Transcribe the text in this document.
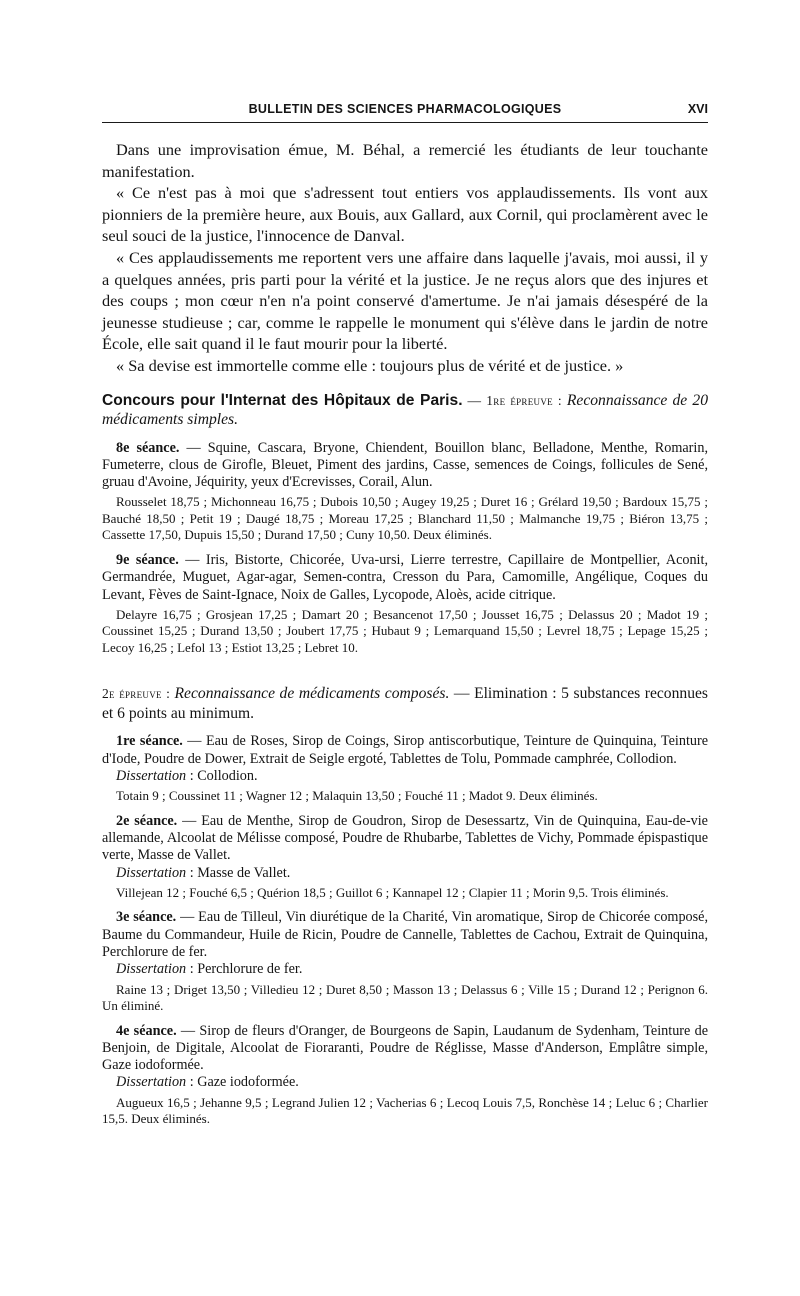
BULLETIN DES SCIENCES PHARMACOLOGIQUES	XVI

Dans une improvisation émue, M. Béhal, a remercié les étudiants de leur touchante manifestation.

« Ce n'est pas à moi que s'adressent tout entiers vos applaudissements. Ils vont aux pionniers de la première heure, aux Bouis, aux Gallard, aux Cornil, qui proclamèrent avec le seul souci de la justice, l'innocence de Danval.

« Ces applaudissements me reportent vers une affaire dans laquelle j'avais, moi aussi, il y a quelques années, pris parti pour la vérité et la justice. Je ne reçus alors que des injures et des coups ; mon cœur n'en n'a point conservé d'amertume. Je n'ai jamais désespéré de la jeunesse studieuse ; car, comme le rappelle le monument qui s'élève dans le jardin de notre École, elle sait quand il le faut mourir pour la liberté.

« Sa devise est immortelle comme elle : toujours plus de vérité et de justice. »

Concours pour l'Internat des Hôpitaux de Paris. — 1re épreuve : Reconnaissance de 20 médicaments simples.

8e séance. — Squine, Cascara, Bryone, Chiendent, Bouillon blanc, Belladone, Menthe, Romarin, Fumeterre, clous de Girofle, Bleuet, Piment des jardins, Casse, semences de Coings, follicules de Sené, gruau d'Avoine, Jéquirity, yeux d'Ecrevisses, Corail, Alun.

Rousselet 18,75 ; Michonneau 16,75 ; Dubois 10,50 ; Augey 19,25 ; Duret 16 ; Grélard 19,50 ; Bardoux 15,75 ; Bauché 18,50 ; Petit 19 ; Daugé 18,75 ; Moreau 17,25 ; Blanchard 11,50 ; Malmanche 19,75 ; Biéron 13,75 ; Cassette 17,50, Dupuis 15,50 ; Durand 17,50 ; Cuny 10,50. Deux éliminés.

9e séance. — Iris, Bistorte, Chicorée, Uva-ursi, Lierre terrestre, Capillaire de Montpellier, Aconit, Germandrée, Muguet, Agar-agar, Semen-contra, Cresson du Para, Camomille, Angélique, Coques du Levant, Fèves de Saint-Ignace, Noix de Galles, Lycopode, Aloès, acide citrique.

Delayre 16,75 ; Grosjean 17,25 ; Damart 20 ; Besancenot 17,50 ; Jousset 16,75 ; Delassus 20 ; Madot 19 ; Coussinet 15,25 ; Durand 13,50 ; Joubert 17,75 ; Hubaut 9 ; Lemarquand 15,50 ; Levrel 18,75 ; Lepage 15,25 ; Lecoy 16,25 ; Lefol 13 ; Estiot 13,25 ; Lebret 10.

2e épreuve : Reconnaissance de médicaments composés. — Elimination : 5 substances reconnues et 6 points au minimum.

1re séance. — Eau de Roses, Sirop de Coings, Sirop antiscorbutique, Teinture de Quinquina, Teinture d'Iode, Poudre de Dower, Extrait de Seigle ergoté, Tablettes de Tolu, Pommade camphrée, Collodion.

Dissertation : Collodion.

Totain 9 ; Coussinet 11 ; Wagner 12 ; Malaquin 13,50 ; Fouché 11 ; Madot 9. Deux éliminés.

2e séance. — Eau de Menthe, Sirop de Goudron, Sirop de Desessartz, Vin de Quinquina, Eau-de-vie allemande, Alcoolat de Mélisse composé, Poudre de Rhubarbe, Tablettes de Vichy, Pommade épispastique verte, Masse de Vallet.

Dissertation : Masse de Vallet.

Villejean 12 ; Fouché 6,5 ; Quérion 18,5 ; Guillot 6 ; Kannapel 12 ; Clapier 11 ; Morin 9,5. Trois éliminés.

3e séance. — Eau de Tilleul, Vin diurétique de la Charité, Vin aromatique, Sirop de Chicorée composé, Baume du Commandeur, Huile de Ricin, Poudre de Cannelle, Tablettes de Cachou, Extrait de Quinquina, Perchlorure de fer.

Dissertation : Perchlorure de fer.

Raine 13 ; Driget 13,50 ; Villedieu 12 ; Duret 8,50 ; Masson 13 ; Delassus 6 ; Ville 15 ; Durand 12 ; Perignon 6. Un éliminé.

4e séance. — Sirop de fleurs d'Oranger, de Bourgeons de Sapin, Laudanum de Sydenham, Teinture de Benjoin, de Digitale, Alcoolat de Fioraranti, Poudre de Réglisse, Masse d'Anderson, Emplâtre simple, Gaze iodoformée.

Dissertation : Gaze iodoformée.

Augueux 16,5 ; Jehanne 9,5 ; Legrand Julien 12 ; Vacherias 6 ; Lecoq Louis 7,5, Ronchèse 14 ; Leluc 6 ; Charlier 15,5. Deux éliminés.
